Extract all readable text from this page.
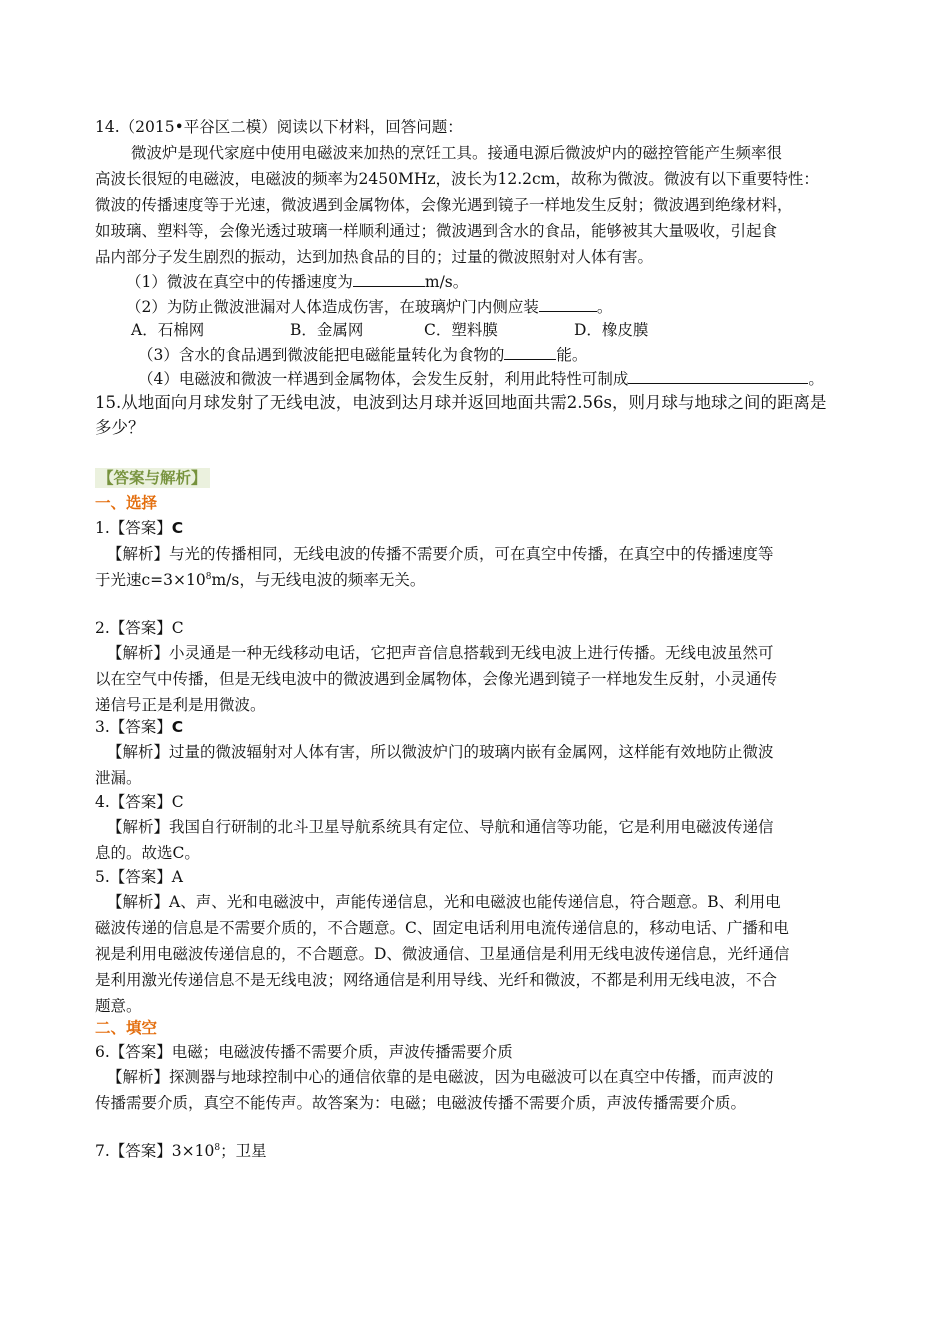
14.（2015•平谷区二模）阅读以下材料，回答问题：
微波炉是现代家庭中使用电磁波来加热的烹饪工具。接通电源后微波炉内的磁控管能产生频率很
高波长很短的电磁波，电磁波的频率为2450MHz，波长为12.2cm，故称为微波。微波有以下重要特性：
微波的传播速度等于光速，微波遇到金属物体，会像光遇到镜子一样地发生反射；微波遇到绝缘材料，
如玻璃、塑料等，会像光透过玻璃一样顺利通过；微波遇到含水的食品，能够被其大量吸收，引起食
品内部分子发生剧烈的振动，达到加热食品的目的；过量的微波照射对人体有害。
（1）微波在真空中的传播速度为	m/s。
（2）为防止微波泄漏对人体造成伤害，在玻璃炉门内侧应装	。
A．石棉网	B．金属网	C．塑料膜	D．橡皮膜
（3）含水的食品遇到微波能把电磁能量转化为食物的	能。
（4）电磁波和微波一样遇到金属物体，会发生反射，利用此特性可制成	。
15.从地面向月球发射了无线电波，电波到达月球并返回地面共需2.56s，则月球与地球之间的距离是
多少？
【答案与解析】
一、选择
1.【答案】C
【解析】与光的传播相同，无线电波的传播不需要介质，可在真空中传播，在真空中的传播速度等
于光速$c=3\times 10^8m/s$，与无线电波的频率无关。
2.【答案】C
【解析】小灵通是一种无线移动电话，它把声音信息搭载到无线电波上进行传播。无线电波虽然可
以在空气中传播，但是无线电波中的微波遇到金属物体，会像光遇到镜子一样地发生反射，小灵通传
递信号正是利是用微波。
3.【答案】C
【解析】过量的微波辐射对人体有害，所以微波炉门的玻璃内嵌有金属网，这样能有效地防止微波
泄漏。
4.【答案】C
【解析】我国自行研制的北斗卫星导航系统具有定位、导航和通信等功能，它是利用电磁波传递信
息的。故选C。
5.【答案】A
【解析】A、声、光和电磁波中，声能传递信息，光和电磁波也能传递信息，符合题意。B、利用电
磁波传递的信息是不需要介质的，不合题意。C、固定电话利用电流传递信息的，移动电话、广播和电
视是利用电磁波传递信息的，不合题意。D、微波通信、卫星通信是利用无线电波传递信息，光纤通信
是利用激光传递信息不是无线电波；网络通信是利用导线、光纤和微波，不都是利用无线电波，不合
题意。
二、填空
6.【答案】电磁；电磁波传播不需要介质，声波传播需要介质
【解析】探测器与地球控制中心的通信依靠的是电磁波，因为电磁波可以在真空中传播，而声波的
传播需要介质，真空不能传声。故答案为：电磁；电磁波传播不需要介质，声波传播需要介质。
7.【答案】$3\times 10^8$；卫星
